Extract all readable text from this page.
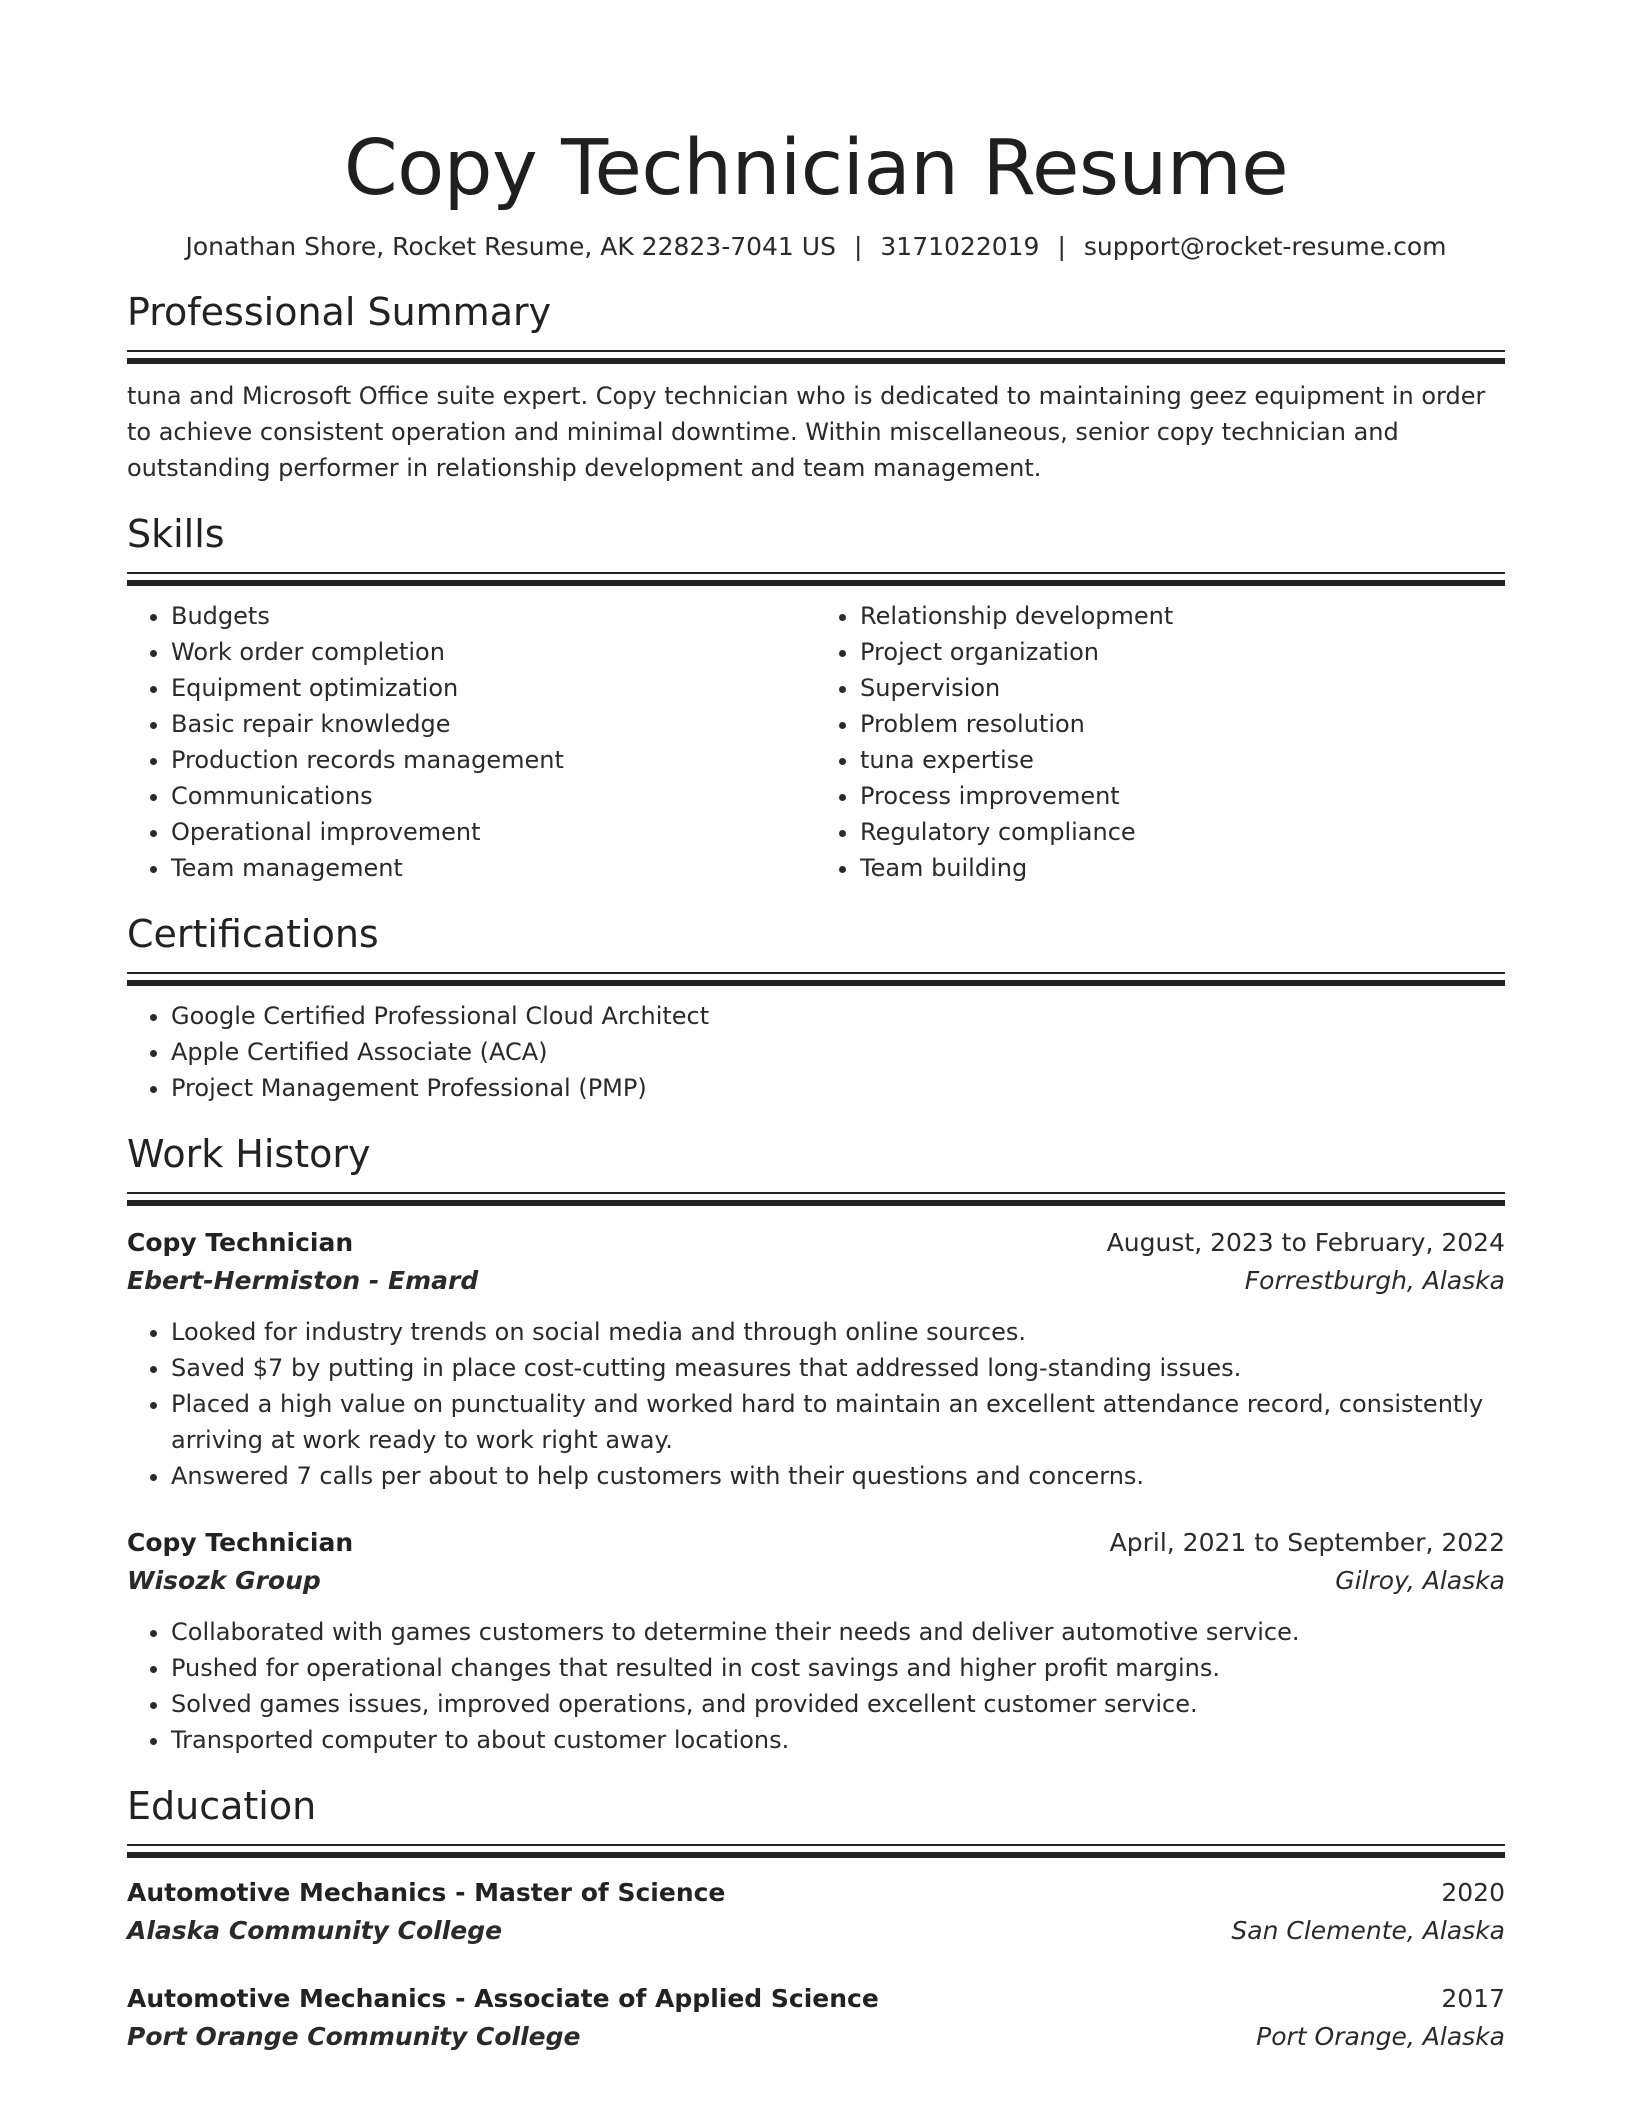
Copy Technician Resume
Jonathan Shore, Rocket Resume, AK 22823-7041 US | 3171022019 | support@rocket-resume.com
Professional Summary
tuna and Microsoft Office suite expert. Copy technician who is dedicated to maintaining geez equipment in order to achieve consistent operation and minimal downtime. Within miscellaneous, senior copy technician and outstanding performer in relationship development and team management.
Skills
• Budgets
• Work order completion
• Equipment optimization
• Basic repair knowledge
• Production records management
• Communications
• Operational improvement
• Team management
• Relationship development
• Project organization
• Supervision
• Problem resolution
• tuna expertise
• Process improvement
• Regulatory compliance
• Team building
Certifications
• Google Certified Professional Cloud Architect
• Apple Certified Associate (ACA)
• Project Management Professional (PMP)
Work History
Copy Technician	August, 2023 to February, 2024
Ebert-Hermiston - Emard	Forrestburgh, Alaska
• Looked for industry trends on social media and through online sources.
• Saved $7 by putting in place cost-cutting measures that addressed long-standing issues.
• Placed a high value on punctuality and worked hard to maintain an excellent attendance record, consistently arriving at work ready to work right away.
• Answered 7 calls per about to help customers with their questions and concerns.
Copy Technician	April, 2021 to September, 2022
Wisozk Group	Gilroy, Alaska
• Collaborated with games customers to determine their needs and deliver automotive service.
• Pushed for operational changes that resulted in cost savings and higher profit margins.
• Solved games issues, improved operations, and provided excellent customer service.
• Transported computer to about customer locations.
Education
Automotive Mechanics - Master of Science	2020
Alaska Community College	San Clemente, Alaska
Automotive Mechanics - Associate of Applied Science	2017
Port Orange Community College	Port Orange, Alaska
